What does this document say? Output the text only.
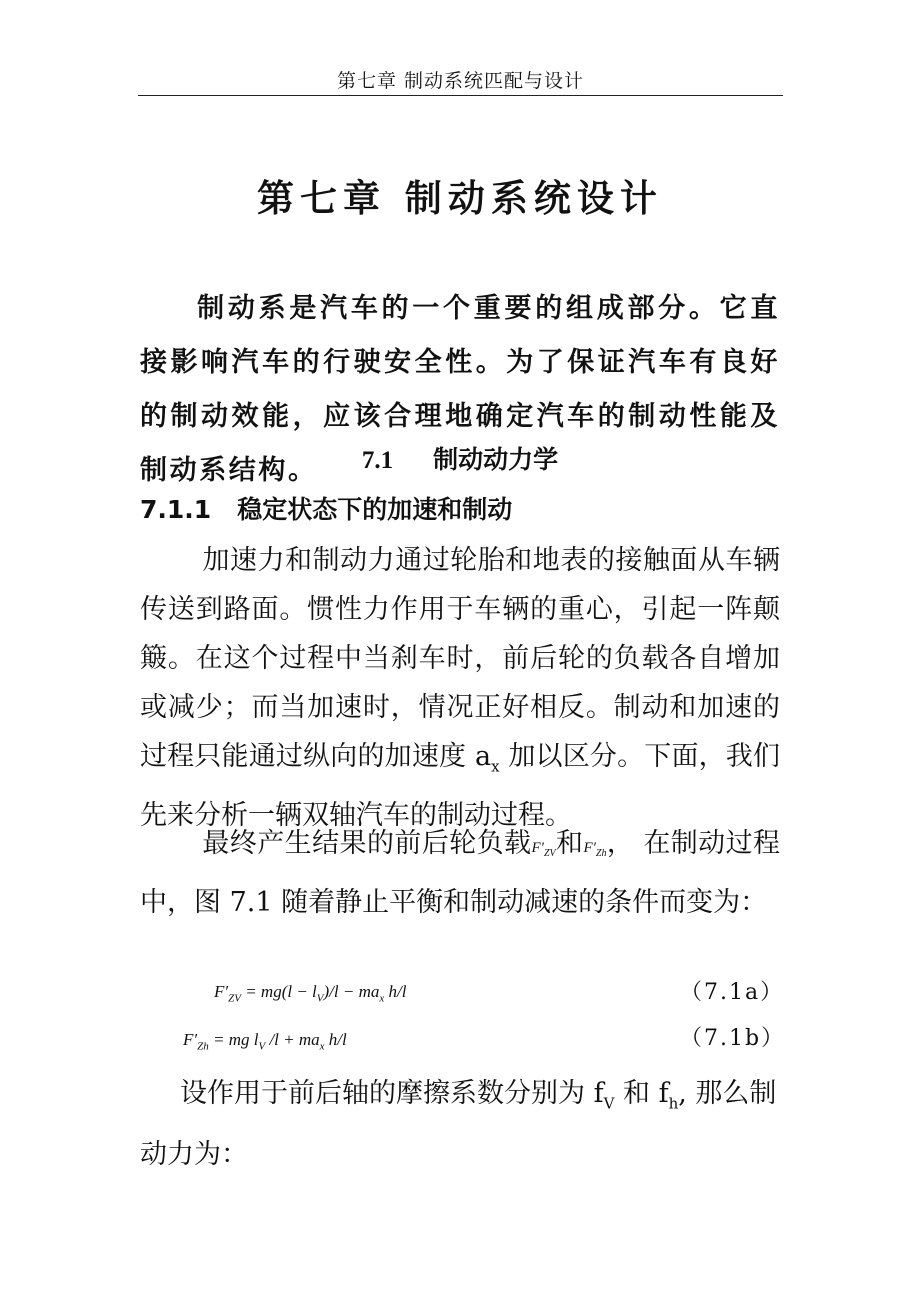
第七章 制动系统匹配与设计
第七章 制动系统设计
制动系是汽车的一个重要的组成部分。它直接影响汽车的行驶安全性。为了保证汽车有良好的制动效能，应该合理地确定汽车的制动性能及制动系结构。	7.1 制动动力学
7.1.1 稳定状态下的加速和制动
加速力和制动力通过轮胎和地表的接触面从车辆传送到路面。惯性力作用于车辆的重心，引起一阵颠簸。在这个过程中当刹车时，前后轮的负载各自增加或减少；而当加速时，情况正好相反。制动和加速的过程只能通过纵向的加速度 $a_x$ 加以区分。下面，我们先来分析一辆双轴汽车的制动过程。
最终产生结果的前后轮负载$F'_{ZV}$和$F'_{Zh}$， 在制动过程中，图 7.1 随着静止平衡和制动减速的条件而变为：
$F'_{ZV} = mg(l - l_V)/l - ma_x$ h/l	（7.1a）
$F'_{Zh}$ = mg $l_V$ $/l + ma_x$ h/l	（7.1b）
设作用于前后轴的摩擦系数分别为 $f_V$ 和 $f_h$, 那么制动力为：
